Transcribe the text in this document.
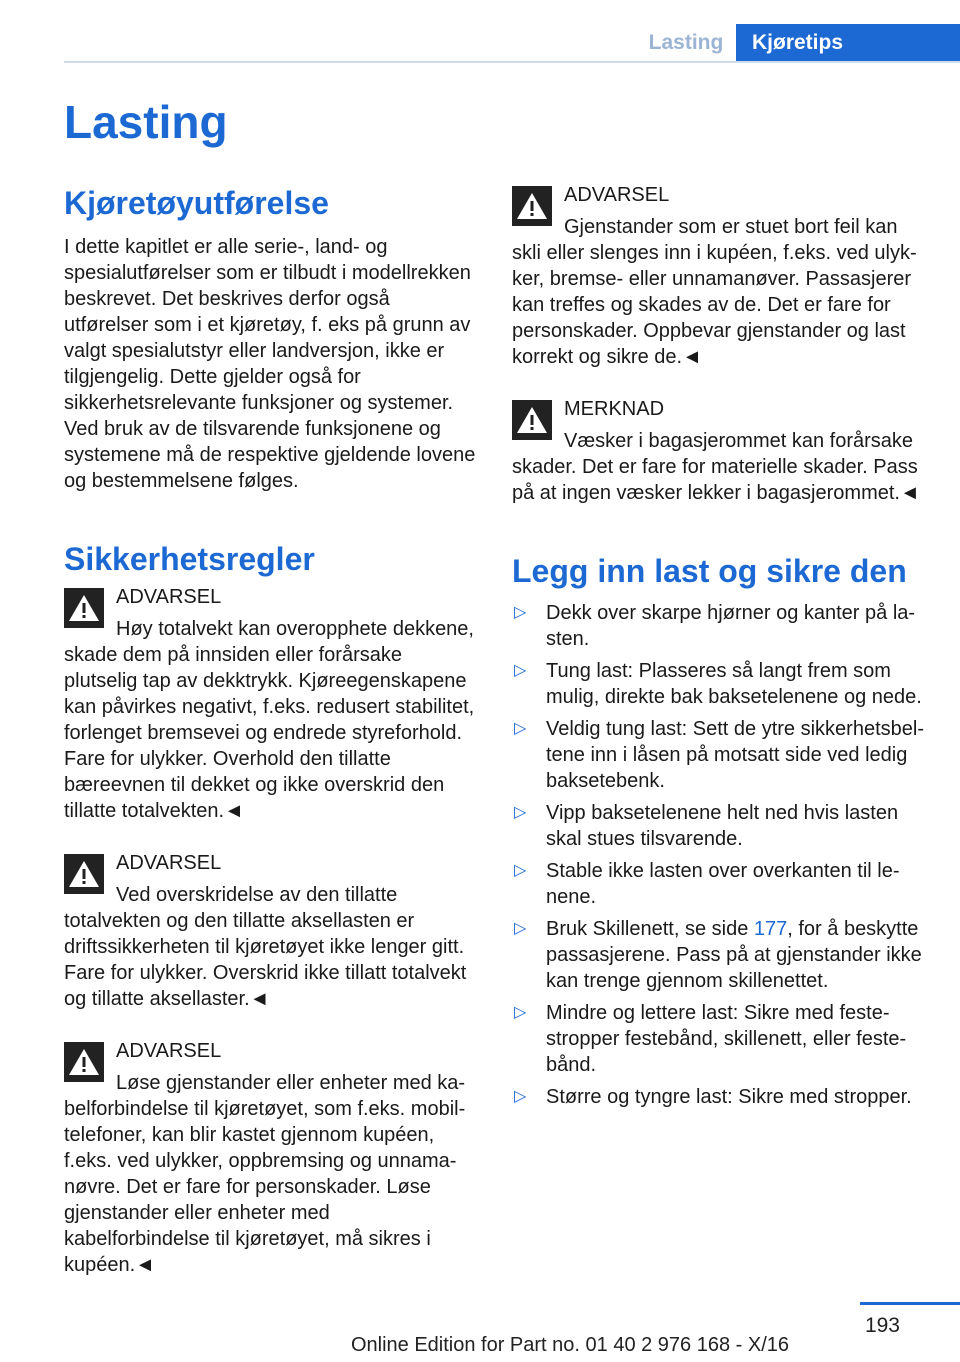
Lasting	Kjøretips
Lasting
Kjøretøyutførelse

I dette kapitlet er alle serie-, land- og spesialutførelser som er tilbudt i modellrekken beskrevet. Det beskrives derfor også utførelser som i et kjøretøy, f. eks på grunn av valgt spesialutstyr eller landversjon, ikke er tilgjengelig. Dette gjelder også for sikkerhetsrelevante funksjoner og systemer. Ved bruk av de tilsvarende funksjonene og systemene må de respektive gjeldende lovene og bestemmelsene følges.

Sikkerhetsregler
ADVARSEL
Høy totalvekt kan overopphete dekkene, skade dem på innsiden eller forårsake plutselig tap av dekktrykk. Kjøreegenskapene kan påvirkes negativt, f.eks. redusert stabilitet, forlenget bremsevei og endrede styreforhold. Fare for ulykker. Overhold den tillatte bæreevnen til dekket og ikke overskrid den tillatte totalvekten.◄
ADVARSEL
Ved overskridelse av den tillatte totalvekten og den tillatte aksellasten er driftssikkerheten til kjøretøyet ikke lenger gitt. Fare for ulykker. Overskrid ikke tillatt totalvekt og tillatte aksellaster.◄
ADVARSEL
Løse gjenstander eller enheter med kabelforbindelse til kjøretøyet, som f.eks. mobiltelefoner, kan blir kastet gjennom kupéen, f.eks. ved ulykker, oppbremsing og unnamanøvre. Det er fare for personskader. Løse gjenstander eller enheter med kabelforbindelse til kjøretøyet, må sikres i kupéen.◄
ADVARSEL
Gjenstander som er stuet bort feil kan skli eller slenges inn i kupéen, f.eks. ved ulykker, bremse- eller unnamanøver. Passasjerer kan treffes og skades av de. Det er fare for personskader. Oppbevar gjenstander og last korrekt og sikre de.◄
MERKNAD
Væsker i bagasjerommet kan forårsake skader. Det er fare for materielle skader. Pass på at ingen væsker lekker i bagasjerommet.◄
Legg inn last og sikre den
▷ Dekk over skarpe hjørner og kanter på lasten.
▷ Tung last: Plasseres så langt frem som mulig, direkte bak baksetelenene og nede.
▷ Veldig tung last: Sett de ytre sikkerhetsbeltene inn i låsen på motsatt side ved ledig baksetebenk.
▷ Vipp baksetelenene helt ned hvis lasten skal stues tilsvarende.
▷ Stable ikke lasten over overkanten til lenene.
▷ Bruk Skillenett, se side 177, for å beskytte passasjerene. Pass på at gjenstander ikke kan trenge gjennom skillenettet.
▷ Mindre og lettere last: Sikre med festestropper festebånd, skillenett, eller festebånd.
▷ Større og tyngre last: Sikre med stropper.
193
Online Edition for Part no. 01 40 2 976 168 - X/16
